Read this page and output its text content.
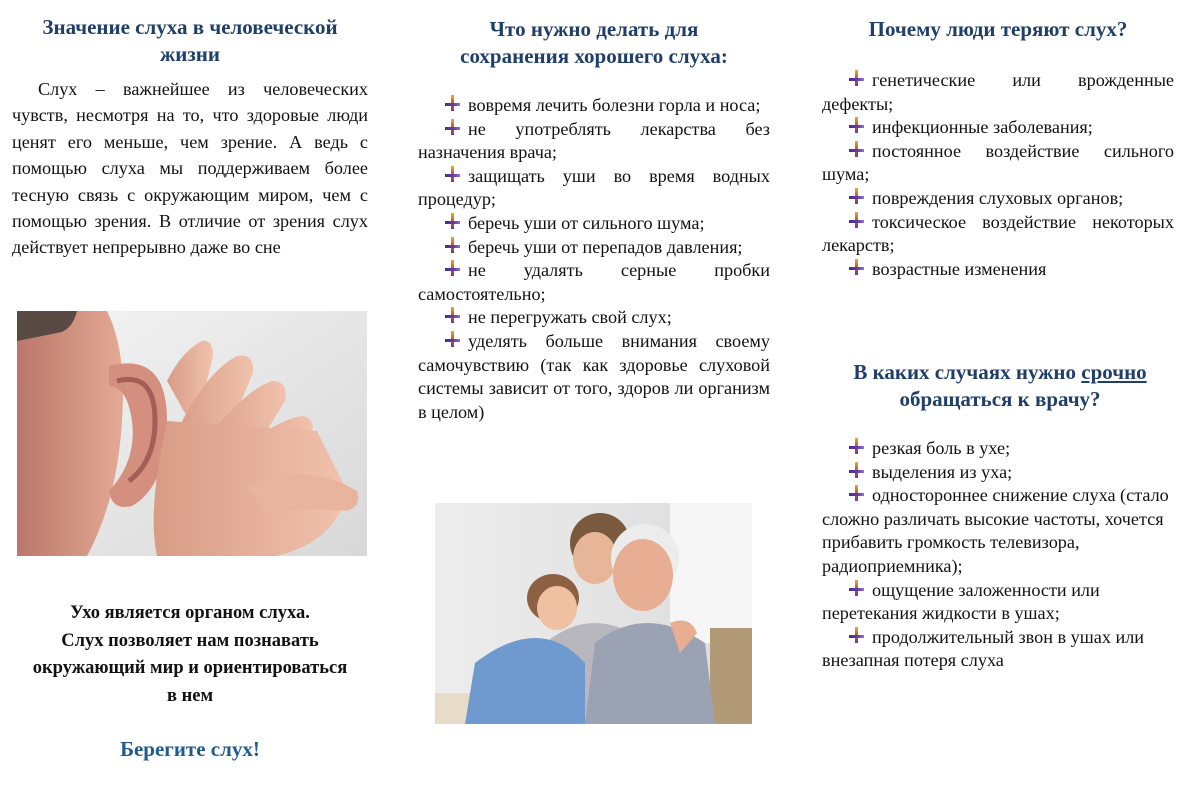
Значение слуха в человеческой жизни

Слух – важнейшее из человеческих чувств, несмотря на то, что здоровые люди ценят его меньше, чем зрение. А ведь с помощью слуха мы поддерживаем более тесную связь с окружающим миром, чем с помощью зрения. В отличие от зрения слух действует непрерывно даже во сне

Ухо является органом слуха.
Слух позволяет нам познавать
окружающий мир и ориентироваться
в нем
Берегите слух!
Что нужно делать для
сохранения хорошего слуха:
вовремя лечить болезни горла и носа;
не употреблять лекарства без назначения врача;
защищать уши во время водных процедур;
беречь уши от сильного шума;
беречь уши от перепадов давления;
не удалять серные пробки самостоятельно;
не перегружать свой слух;
уделять больше внимания своему самочувствию (так как здоровье слуховой системы зависит от того, здоров ли организм в целом)
Почему люди теряют слух?
генетические или врожденные дефекты;
инфекционные заболевания;
постоянное воздействие сильного шума;
повреждения слуховых органов;
токсическое воздействие некоторых лекарств;
возрастные изменения
В каких случаях нужно срочно
обращаться к врачу?
резкая боль в ухе;
выделения из уха;
одностороннее снижение слуха (стало сложно различать высокие частоты, хочется прибавить громкость телевизора, радиоприемника);
ощущение заложенности или перетекания жидкости в ушах;
продолжительный звон в ушах или внезапная потеря слуха
